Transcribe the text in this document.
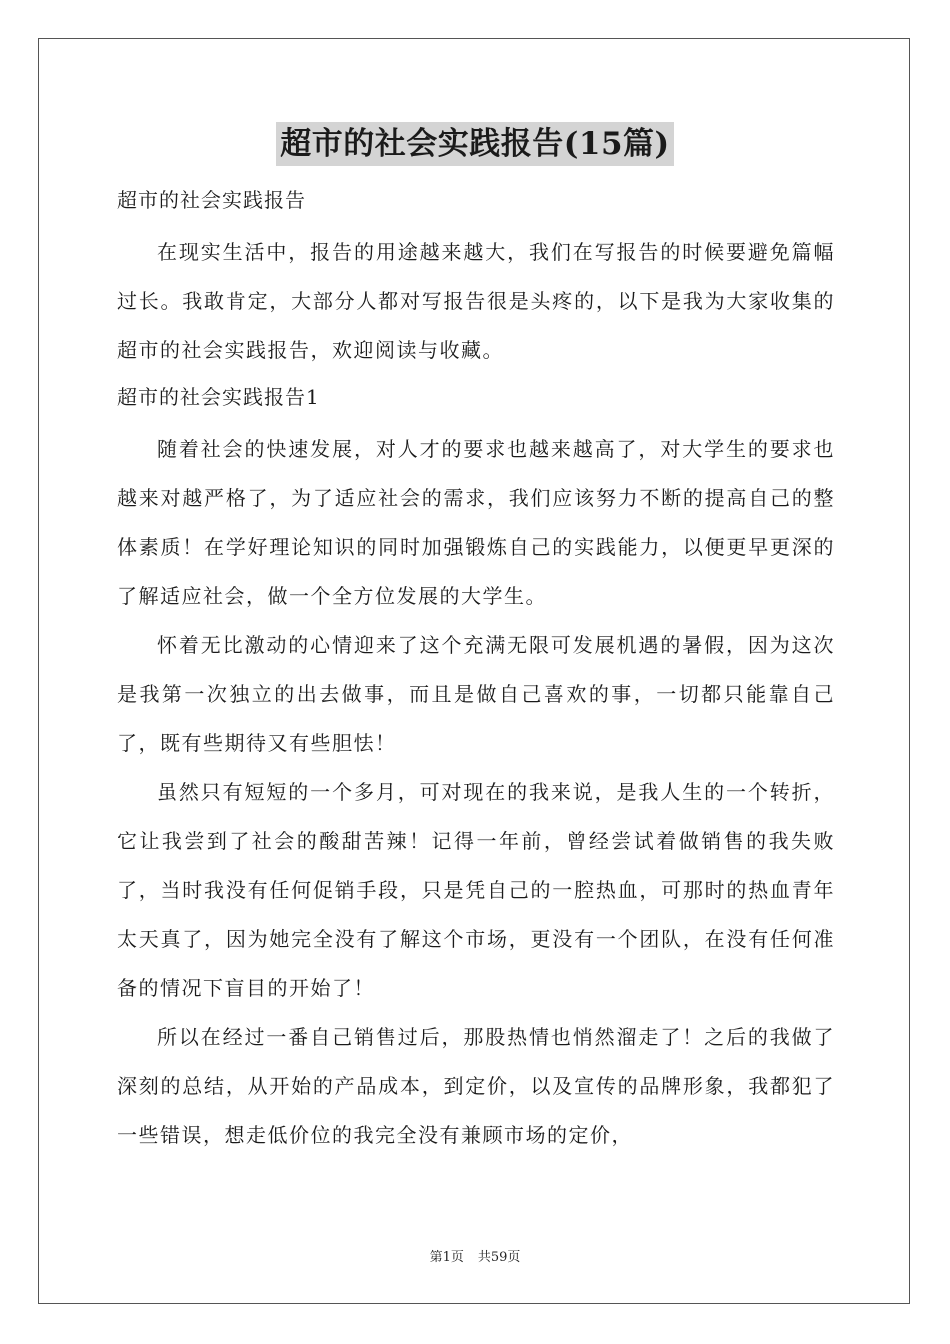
超市的社会实践报告(15篇)
超市的社会实践报告

在现实生活中，报告的用途越来越大，我们在写报告的时候要避免篇幅过长。我敢肯定，大部分人都对写报告很是头疼的，以下是我为大家收集的超市的社会实践报告，欢迎阅读与收藏。

超市的社会实践报告1

随着社会的快速发展，对人才的要求也越来越高了，对大学生的要求也越来对越严格了，为了适应社会的需求，我们应该努力不断的提高自己的整体素质！在学好理论知识的同时加强锻炼自己的实践能力，以便更早更深的了解适应社会，做一个全方位发展的大学生。

怀着无比激动的心情迎来了这个充满无限可发展机遇的暑假，因为这次是我第一次独立的出去做事，而且是做自己喜欢的事，一切都只能靠自己了，既有些期待又有些胆怯！

虽然只有短短的一个多月，可对现在的我来说，是我人生的一个转折，它让我尝到了社会的酸甜苦辣！记得一年前，曾经尝试着做销售的我失败了，当时我没有任何促销手段，只是凭自己的一腔热血，可那时的热血青年太天真了，因为她完全没有了解这个市场，更没有一个团队，在没有任何准备的情况下盲目的开始了！

所以在经过一番自己销售过后，那股热情也悄然溜走了！之后的我做了深刻的总结，从开始的产品成本，到定价，以及宣传的品牌形象，我都犯了一些错误，想走低价位的我完全没有兼顾市场的定价，

第1页 共59页
